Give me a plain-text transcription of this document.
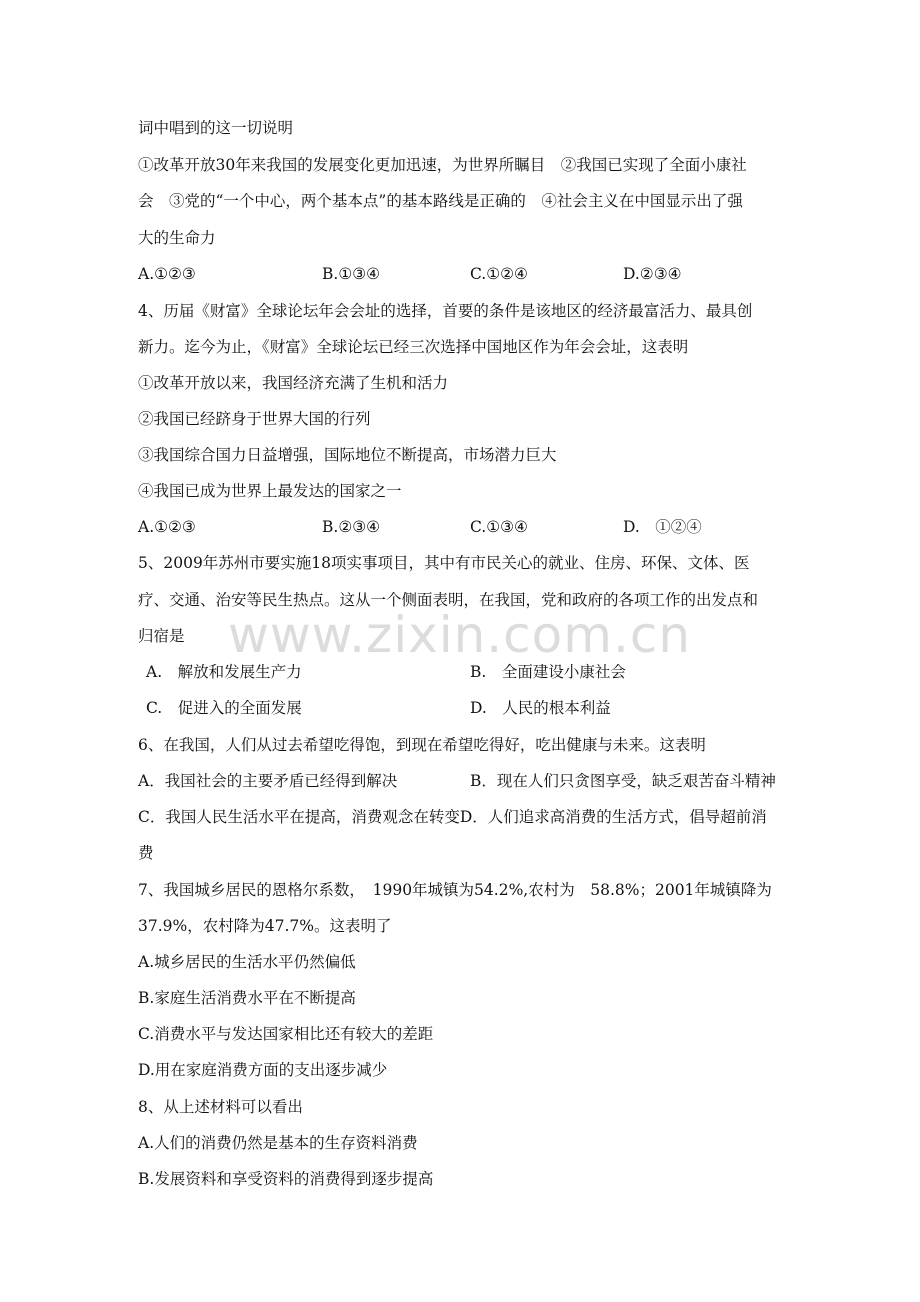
词中唱到的这一切说明
①改革开放30年来我国的发展变化更加迅速，为世界所瞩目　②我国已实现了全面小康社
会　③党的“一个中心，两个基本点”的基本路线是正确的　④社会主义在中国显示出了强
大的生命力
A.①②③	B.①③④	C.①②④	D.②③④
4、历届《财富》全球论坛年会会址的选择，首要的条件是该地区的经济最富活力、最具创
新力。迄今为止，《财富》全球论坛已经三次选择中国地区作为年会会址，这表明
①改革开放以来，我国经济充满了生机和活力
②我国已经跻身于世界大国的行列
③我国综合国力日益增强，国际地位不断提高，市场潜力巨大
④我国已成为世界上最发达的国家之一
A.①②③	B.②③④	C.①③④	D.　①②④
5、2009年苏州市要实施18项实事项目，其中有市民关心的就业、住房、环保、文体、医
疗、交通、治安等民生热点。这从一个侧面表明，在我国，党和政府的各项工作的出发点和
归宿是 www.zixin.com.cn
A.　解放和发展生产力	B.　全面建设小康社会
C.　促进入的全面发展	D.　人民的根本利益
6、在我国，人们从过去希望吃得饱，到现在希望吃得好，吃出健康与未来。这表明
A．我国社会的主要矛盾已经得到解决	B．现在人们只贪图享受，缺乏艰苦奋斗精神
C．我国人民生活水平在提高，消费观念在转变D．人们追求高消费的生活方式，倡导超前消
费
7、我国城乡居民的恩格尔系数，　1990年城镇为54.2%,农村为　58.8%；2001年城镇降为
37.9%，农村降为47.7%。这表明了
A.城乡居民的生活水平仍然偏低
B.家庭生活消费水平在不断提高
C.消费水平与发达国家相比还有较大的差距
D.用在家庭消费方面的支出逐步减少
8、从上述材料可以看出
A.人们的消费仍然是基本的生存资料消费
B.发展资料和享受资料的消费得到逐步提高
